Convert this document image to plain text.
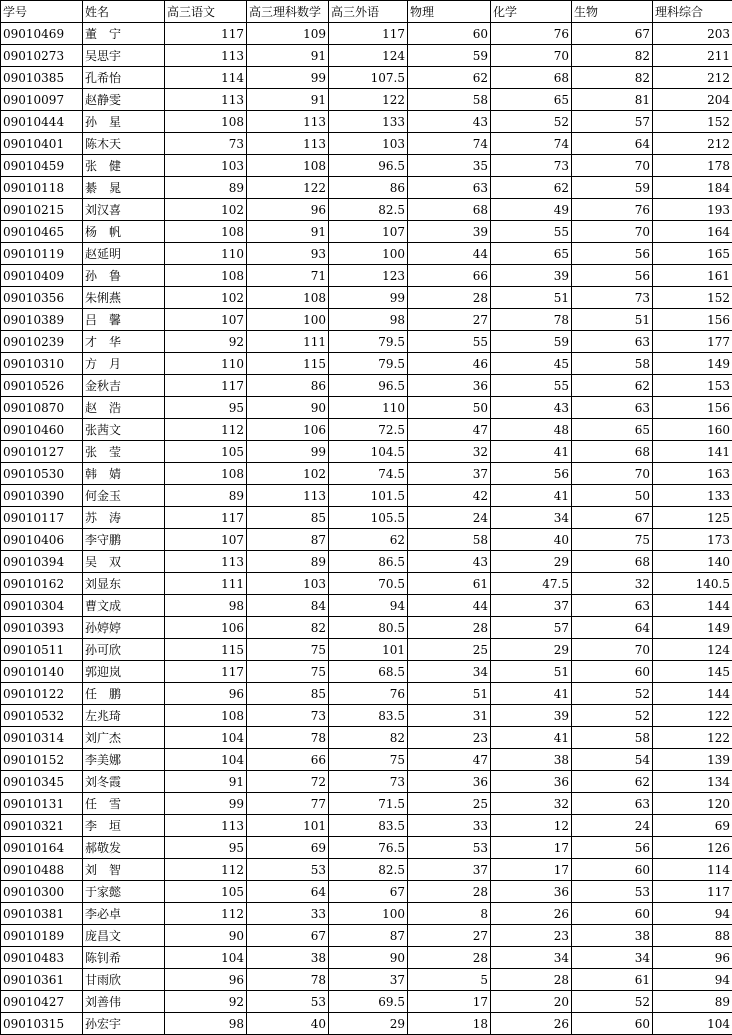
学号	姓名	高三语文	高三理科数学	高三外语	物理	化学	生物	理科综合
09010469	董　宁	117	109	117	60	76	67	203
09010273	吴思宇	113	91	124	59	70	82	211
09010385	孔希怡	114	99	107.5	62	68	82	212
09010097	赵静雯	113	91	122	58	65	81	204
09010444	孙　星	108	113	133	43	52	57	152
09010401	陈木天	73	113	103	74	74	64	212
09010459	张　健	103	108	96.5	35	73	70	178
09010118	綦　晁	89	122	86	63	62	59	184
09010215	刘汉喜	102	96	82.5	68	49	76	193
09010465	杨　帆	108	91	107	39	55	70	164
09010119	赵延明	110	93	100	44	65	56	165
09010409	孙　鲁	108	71	123	66	39	56	161
09010356	朱俐燕	102	108	99	28	51	73	152
09010389	吕　馨	107	100	98	27	78	51	156
09010239	才　华	92	111	79.5	55	59	63	177
09010310	方　月	110	115	79.5	46	45	58	149
09010526	金秋吉	117	86	96.5	36	55	62	153
09010870	赵　浩	95	90	110	50	43	63	156
09010460	张茜文	112	106	72.5	47	48	65	160
09010127	张　莹	105	99	104.5	32	41	68	141
09010530	韩　婧	108	102	74.5	37	56	70	163
09010390	何金玉	89	113	101.5	42	41	50	133
09010117	苏　涛	117	85	105.5	24	34	67	125
09010406	李守鹏	107	87	62	58	40	75	173
09010394	吴　双	113	89	86.5	43	29	68	140
09010162	刘显东	111	103	70.5	61	47.5	32	140.5
09010304	曹文成	98	84	94	44	37	63	144
09010393	孙婷婷	106	82	80.5	28	57	64	149
09010511	孙可欣	115	75	101	25	29	70	124
09010140	郭迎岚	117	75	68.5	34	51	60	145
09010122	任　鹏	96	85	76	51	41	52	144
09010532	左兆琦	108	73	83.5	31	39	52	122
09010314	刘广杰	104	78	82	23	41	58	122
09010152	李美娜	104	66	75	47	38	54	139
09010345	刘冬霞	91	72	73	36	36	62	134
09010131	任　雪	99	77	71.5	25	32	63	120
09010321	李　垣	113	101	83.5	33	12	24	69
09010164	郝敬发	95	69	76.5	53	17	56	126
09010488	刘　智	112	53	82.5	37	17	60	114
09010300	于家懿	105	64	67	28	36	53	117
09010381	李必卓	112	33	100	8	26	60	94
09010189	庞昌文	90	67	87	27	23	38	88
09010483	陈钊希	104	38	90	28	34	34	96
09010361	甘雨欣	96	78	37	5	28	61	94
09010427	刘善伟	92	53	69.5	17	20	52	89
09010315	孙宏宇	98	40	29	18	26	60	104
